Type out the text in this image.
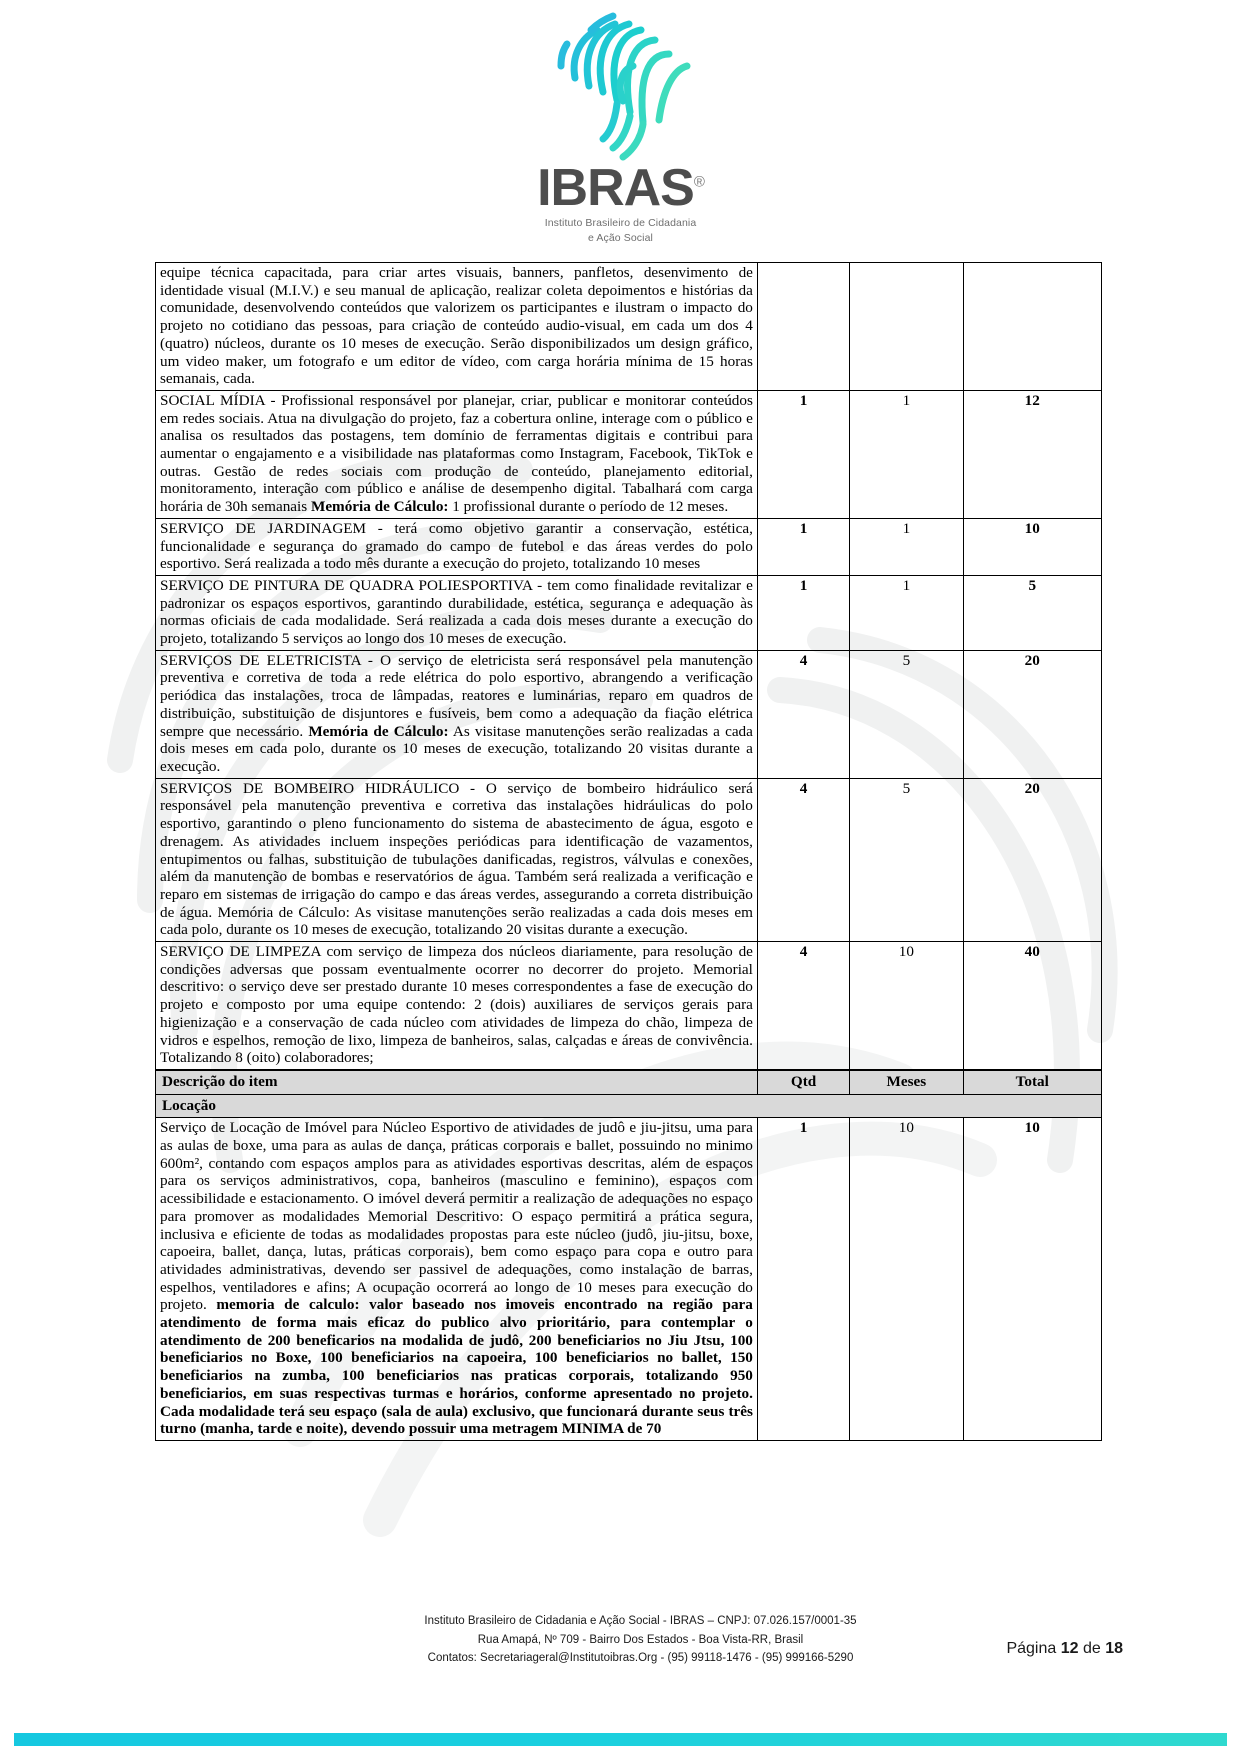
IBRAS®
Instituto Brasileiro de Cidadania
e Ação Social
equipe técnica capacitada, para criar artes visuais, banners, panfletos, desenvimento de identidade visual (M.I.V.) e seu manual de aplicação, realizar coleta depoimentos e histórias da comunidade, desenvolvendo conteúdos que valorizem os participantes e ilustram o impacto do projeto no cotidiano das pessoas, para criação de conteúdo audio-visual, em cada um dos 4 (quatro) núcleos, durante os 10 meses de execução. Serão disponibilizados um design gráfico, um video maker, um fotografo e um editor de vídeo, com carga horária mínima de 15 horas semanais, cada.			
SOCIAL MÍDIA - Profissional responsável por planejar, criar, publicar e monitorar conteúdos em redes sociais. Atua na divulgação do projeto, faz a cobertura online, interage com o público e analisa os resultados das postagens, tem domínio de ferramentas digitais e contribui para aumentar o engajamento e a visibilidade nas plataformas como Instagram, Facebook, TikTok e outras. Gestão de redes sociais com produção de conteúdo, planejamento editorial, monitoramento, interação com público e análise de desempenho digital. Tabalhará com carga horária de 30h semanais Memória de Cálculo: 1 profissional durante o período de 12 meses.	1	1	12
SERVIÇO DE JARDINAGEM - terá como objetivo garantir a conservação, estética, funcionalidade e segurança do gramado do campo de futebol e das áreas verdes do polo esportivo. Será realizada a todo mês durante a execução do projeto, totalizando 10 meses	1	1	10
SERVIÇO DE PINTURA DE QUADRA POLIESPORTIVA - tem como finalidade revitalizar e padronizar os espaços esportivos, garantindo durabilidade, estética, segurança e adequação às normas oficiais de cada modalidade. Será realizada a cada dois meses durante a execução do projeto, totalizando 5 serviços ao longo dos 10 meses de execução.	1	1	5
SERVIÇOS DE ELETRICISTA - O serviço de eletricista será responsável pela manutenção preventiva e corretiva de toda a rede elétrica do polo esportivo, abrangendo a verificação periódica das instalações, troca de lâmpadas, reatores e luminárias, reparo em quadros de distribuição, substituição de disjuntores e fusíveis, bem como a adequação da fiação elétrica sempre que necessário. Memória de Cálculo: As visitase manutenções serão realizadas a cada dois meses em cada polo, durante os 10 meses de execução, totalizando 20 visitas durante a execução.	4	5	20
SERVIÇOS DE BOMBEIRO HIDRÁULICO - O serviço de bombeiro hidráulico será responsável pela manutenção preventiva e corretiva das instalações hidráulicas do polo esportivo, garantindo o pleno funcionamento do sistema de abastecimento de água, esgoto e drenagem. As atividades incluem inspeções periódicas para identificação de vazamentos, entupimentos ou falhas, substituição de tubulações danificadas, registros, válvulas e conexões, além da manutenção de bombas e reservatórios de água. Também será realizada a verificação e reparo em sistemas de irrigação do campo e das áreas verdes, assegurando a correta distribuição de água. Memória de Cálculo: As visitase manutenções serão realizadas a cada dois meses em cada polo, durante os 10 meses de execução, totalizando 20 visitas durante a execução.	4	5	20
SERVIÇO DE LIMPEZA com serviço de limpeza dos núcleos diariamente, para resolução de condições adversas que possam eventualmente ocorrer no decorrer do projeto. Memorial descritivo: o serviço deve ser prestado durante 10 meses correspondentes a fase de execução do projeto e composto por uma equipe contendo: 2 (dois) auxiliares de serviços gerais para higienização e a conservação de cada núcleo com atividades de limpeza do chão, limpeza de vidros e espelhos, remoção de lixo, limpeza de banheiros, salas, calçadas e áreas de convivência. Totalizando 8 (oito) colaboradores;	4	10	40
Descrição do item	Qtd	Meses	Total
Locação			
Serviço de Locação de Imóvel para Núcleo Esportivo de atividades de judô e jiu-jitsu, uma para as aulas de boxe, uma para as aulas de dança, práticas corporais e ballet, possuindo no minimo 600m², contando com espaços amplos para as atividades esportivas descritas, além de espaços para os serviços administrativos, copa, banheiros (masculino e feminino), espaços com acessibilidade e estacionamento. O imóvel deverá permitir a realização de adequações no espaço para promover as modalidades Memorial Descritivo: O espaço permitirá a prática segura, inclusiva e eficiente de todas as modalidades propostas para este núcleo (judô, jiu-jitsu, boxe, capoeira, ballet, dança, lutas, práticas corporais), bem como espaço para copa e outro para atividades administrativas, devendo ser passivel de adequações, como instalação de barras, espelhos, ventiladores e afins; A ocupação ocorrerá ao longo de 10 meses para execução do projeto. memoria de calculo: valor baseado nos imoveis encontrado na região para atendimento de forma mais eficaz do publico alvo prioritário, para contemplar o atendimento de 200 beneficarios na modalida de judô, 200 beneficiarios no Jiu Jtsu, 100 beneficiarios no Boxe, 100 beneficiarios na capoeira, 100 beneficiarios no ballet, 150 beneficiarios na zumba, 100 beneficiarios nas praticas corporais, totalizando 950 beneficiarios, em suas respectivas turmas e horários, conforme apresentado no projeto. Cada modalidade terá seu espaço (sala de aula) exclusivo, que funcionará durante seus três turno (manha, tarde e noite), devendo possuir uma metragem MINIMA de 70	1	10	10
Instituto Brasileiro de Cidadania e Ação Social - IBRAS – CNPJ: 07.026.157/0001-35
Rua Amapá, Nº 709 - Bairro Dos Estados - Boa Vista-RR, Brasil
Contatos: Secretariageral@Institutoibras.Org - (95) 99118-1476 - (95) 999166-5290
Página 12 de 18
